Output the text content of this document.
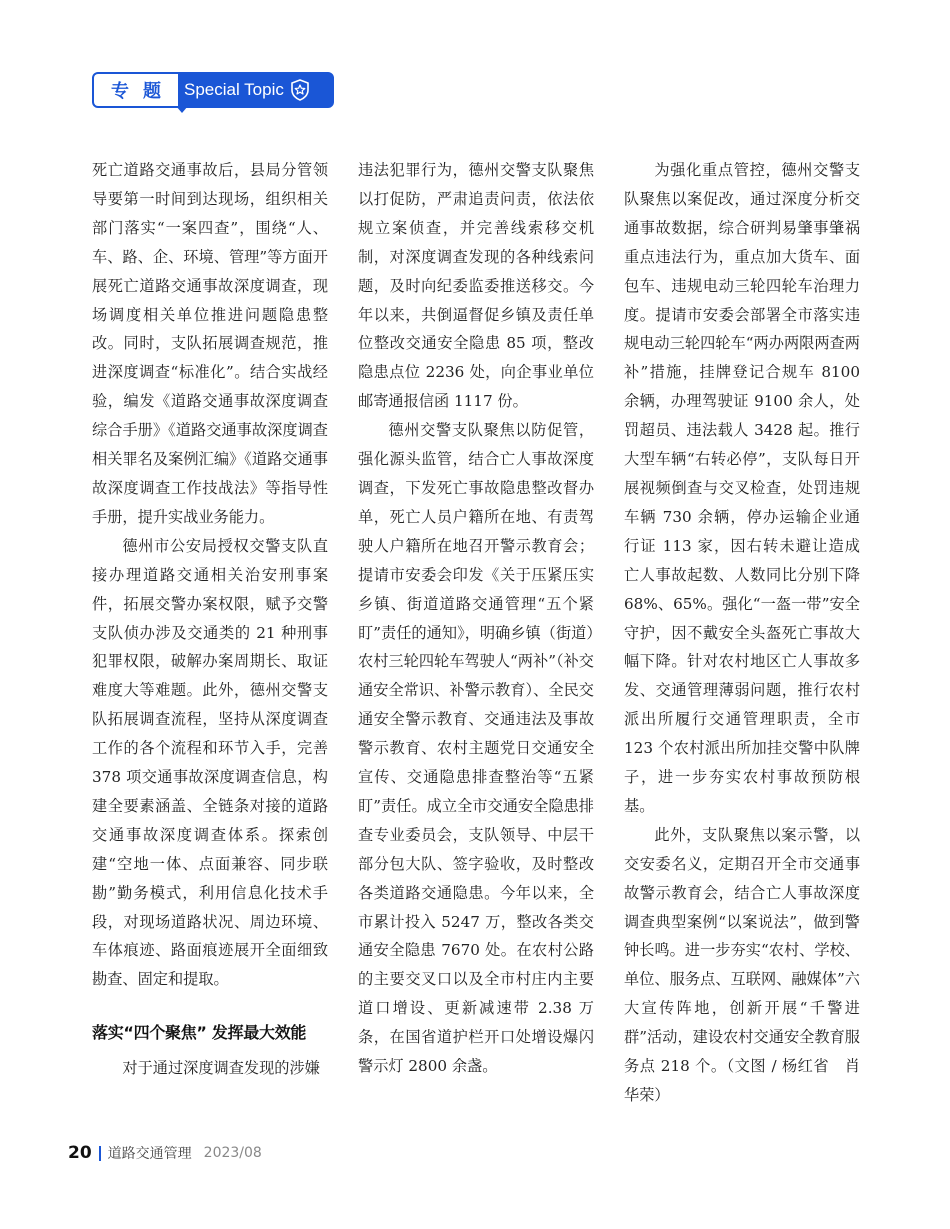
专题 Special Topic

死亡道路交通事故后，县局分管领导要第一时间到达现场，组织相关部门落实“一案四查”，围绕“人、车、路、企、环境、管理”等方面开展死亡道路交通事故深度调查，现场调度相关单位推进问题隐患整改。同时，支队拓展调查规范，推进深度调查“标准化”。结合实战经验，编发《道路交通事故深度调查综合手册》《道路交通事故深度调查相关罪名及案例汇编》《道路交通事故深度调查工作技战法》等指导性手册，提升实战业务能力。

德州市公安局授权交警支队直接办理道路交通相关治安刑事案件，拓展交警办案权限，赋予交警支队侦办涉及交通类的 21 种刑事犯罪权限，破解办案周期长、取证难度大等难题。此外，德州交警支队拓展调查流程，坚持从深度调查工作的各个流程和环节入手，完善 378 项交通事故深度调查信息，构建全要素涵盖、全链条对接的道路交通事故深度调查体系。探索创建“空地一体、点面兼容、同步联勘”勤务模式，利用信息化技术手段，对现场道路状况、周边环境、车体痕迹、路面痕迹展开全面细致勘查、固定和提取。

落实“四个聚焦” 发挥最大效能

对于通过深度调查发现的涉嫌

违法犯罪行为，德州交警支队聚焦以打促防，严肃追责问责，依法依规立案侦查，并完善线索移交机制，对深度调查发现的各种线索问题，及时向纪委监委推送移交。今年以来，共倒逼督促乡镇及责任单位整改交通安全隐患 85 项，整改隐患点位 2236 处，向企事业单位邮寄通报信函 1117 份。

德州交警支队聚焦以防促管，强化源头监管，结合亡人事故深度调查，下发死亡事故隐患整改督办单，死亡人员户籍所在地、有责驾驶人户籍所在地召开警示教育会；提请市安委会印发《关于压紧压实乡镇、街道道路交通管理“五个紧盯”责任的通知》，明确乡镇（街道）农村三轮四轮车驾驶人“两补”（补交通安全常识、补警示教育）、全民交通安全警示教育、交通违法及事故警示教育、农村主题党日交通安全宣传、交通隐患排查整治等“五紧盯”责任。成立全市交通安全隐患排查专业委员会，支队领导、中层干部分包大队、签字验收，及时整改各类道路交通隐患。今年以来，全市累计投入 5247 万，整改各类交通安全隐患 7670 处。在农村公路的主要交叉口以及全市村庄内主要道口增设、更新减速带 2.38 万条，在国省道护栏开口处增设爆闪警示灯 2800 余盏。

为强化重点管控，德州交警支队聚焦以案促改，通过深度分析交通事故数据，综合研判易肇事肇祸重点违法行为，重点加大货车、面包车、违规电动三轮四轮车治理力度。提请市安委会部署全市落实违规电动三轮四轮车“两办两限两查两补”措施，挂牌登记合规车 8100 余辆，办理驾驶证 9100 余人，处罚超员、违法载人 3428 起。推行大型车辆“右转必停”，支队每日开展视频倒查与交叉检查，处罚违规车辆 730 余辆，停办运输企业通行证 113 家，因右转未避让造成亡人事故起数、人数同比分别下降 68%、65%。强化“一盔一带”安全守护，因不戴安全头盔死亡事故大幅下降。针对农村地区亡人事故多发、交通管理薄弱问题，推行农村派出所履行交通管理职责，全市 123 个农村派出所加挂交警中队牌子，进一步夯实农村事故预防根基。

此外，支队聚焦以案示警，以交安委名义，定期召开全市交通事故警示教育会，结合亡人事故深度调查典型案例“以案说法”，做到警钟长鸣。进一步夯实“农村、学校、单位、服务点、互联网、融媒体”六大宣传阵地，创新开展“千警进群”活动，建设农村交通安全教育服务点 218 个。（文图 / 杨红省　肖华荣）

20 道路交通管理 2023/08
